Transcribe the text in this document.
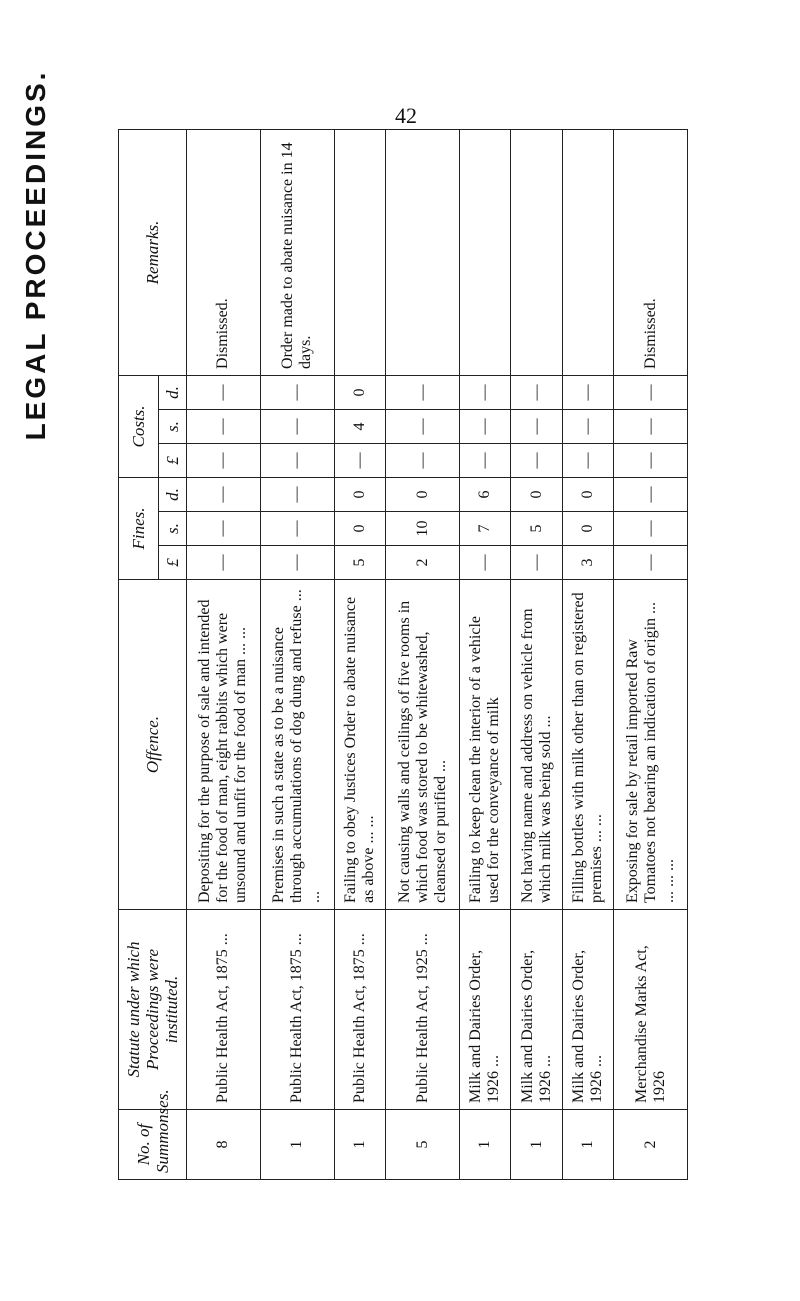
LEGAL PROCEEDINGS.	42
No. of Summonses.	Statute under which Proceedings were instituted.	Offence.	Fines.			Costs.			Remarks.
			£	s.	d.	£	s.	d.	
8	Public Health Act, 1875 ...	Depositing for the purpose of sale and intended for the food of man, eight rabbits which were unsound and unfit for the food of man ... ...	—	—	—	—	—	—	Dismissed.
1	Public Health Act, 1875 ...	Premises in such a state as to be a nuisance through accumulations of dog dung and refuse ... ...	—	—	—	—	—	—	Order made to abate nuisance in 14 days.
1	Public Health Act, 1875 ...	Failing to obey Justices Order to abate nuisance as above ... ...	5	0	0	—	4	0	
5	Public Health Act, 1925 ...	Not causing walls and ceilings of five rooms in which food was stored to be whitewashed, cleansed or purified ...	2	10	0	—	—	—	
1	Milk and Dairies Order, 1926 ...	Failing to keep clean the interior of a vehicle used for the conveyance of milk	—	7	6	—	—	—	
1	Milk and Dairies Order, 1926 ...	Not having name and address on vehicle from which milk was being sold ...	—	5	0	—	—	—	
1	Milk and Dairies Order, 1926 ...	Filling bottles with milk other than on registered premises ... ...	3	0	0	—	—	—	
2	Merchandise Marks Act, 1926	Exposing for sale by retail imported Raw Tomatoes not bearing an indication of origin ... ... ... ...	—	—	—	—	—	—	Dismissed.
